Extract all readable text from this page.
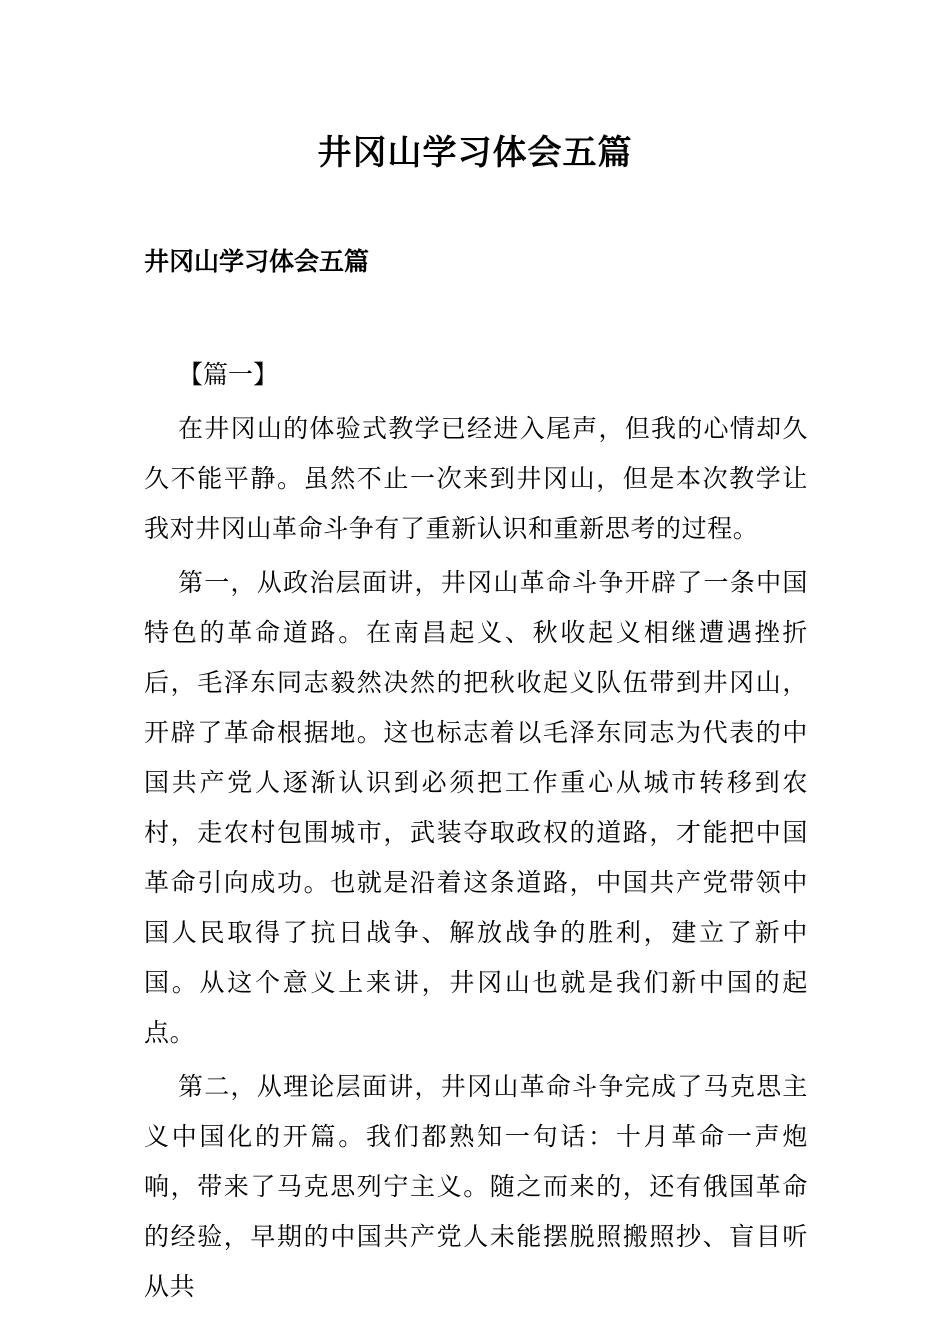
井冈山学习体会五篇
井冈山学习体会五篇

【篇一】

在井冈山的体验式教学已经进入尾声，但我的心情却久久不能平静。虽然不止一次来到井冈山，但是本次教学让我对井冈山革命斗争有了重新认识和重新思考的过程。

第一，从政治层面讲，井冈山革命斗争开辟了一条中国特色的革命道路。在南昌起义、秋收起义相继遭遇挫折后，毛泽东同志毅然决然的把秋收起义队伍带到井冈山，开辟了革命根据地。这也标志着以毛泽东同志为代表的中国共产党人逐渐认识到必须把工作重心从城市转移到农村，走农村包围城市，武装夺取政权的道路，才能把中国革命引向成功。也就是沿着这条道路，中国共产党带领中国人民取得了抗日战争、解放战争的胜利，建立了新中国。从这个意义上来讲，井冈山也就是我们新中国的起点。

第二，从理论层面讲，井冈山革命斗争完成了马克思主义中国化的开篇。我们都熟知一句话：十月革命一声炮响，带来了马克思列宁主义。随之而来的，还有俄国革命的经验，早期的中国共产党人未能摆脱照搬照抄、盲目听从共
